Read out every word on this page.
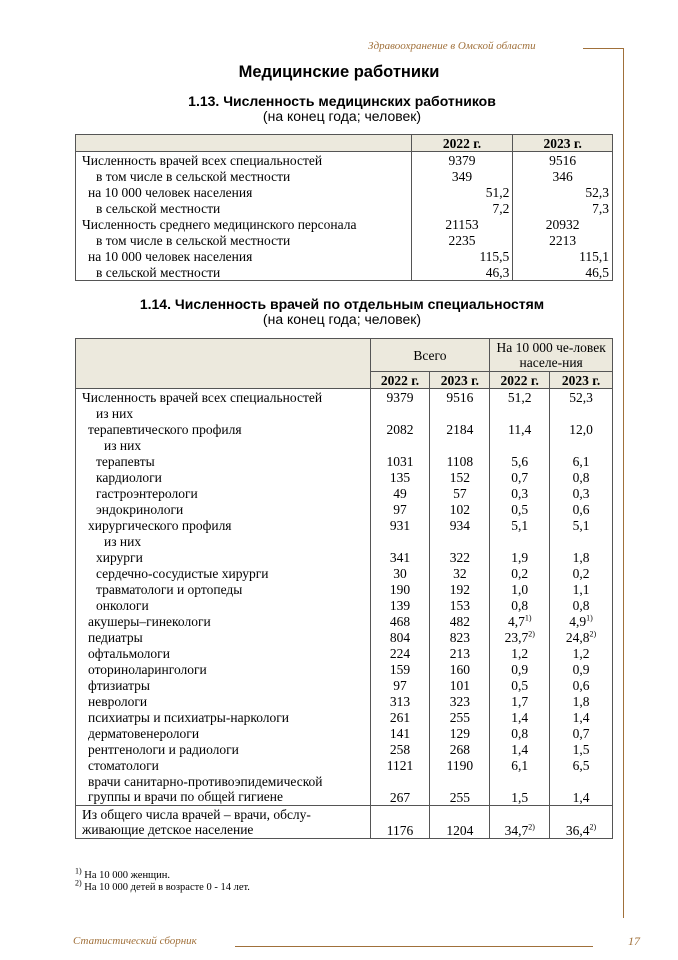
Здравоохранение в Омской области
Медицинские работники
1.13. Численность медицинских работников
(на конец года; человек)
	2022 г.	2023 г.
Численность врачей всех специальностей	9379	9516
в том числе в сельской местности	349	346
на 10 000 человек населения	51,2	52,3
в сельской местности	7,2	7,3
Численность среднего медицинского персонала	21153	20932
в том числе в сельской местности	2235	2213
на 10 000 человек населения	115,5	115,1
в сельской местности	46,3	46,5
1.14. Численность врачей по отдельным специальностям
(на конец года; человек)
	Всего		На 10 000 че-ловек населе-ния	
	2022 г.	2023 г.	2022 г.	2023 г.
Численность врачей всех специальностей	9379	9516	51,2	52,3
из них				
терапевтического профиля	2082	2184	11,4	12,0
из них				
терапевты	1031	1108	5,6	6,1
кардиологи	135	152	0,7	0,8
гастроэнтерологи	49	57	0,3	0,3
эндокринологи	97	102	0,5	0,6
хирургического профиля	931	934	5,1	5,1
из них				
хирурги	341	322	1,9	1,8
сердечно-сосудистые хирурги	30	32	0,2	0,2
травматологи и ортопеды	190	192	1,0	1,1
онкологи	139	153	0,8	0,8
акушеры–гинекологи	468	482	4,7$^{1)}$	4,9$^{1)}$
педиатры	804	823	23,7$^{2)}$	24,8$^{2)}$
офтальмологи	224	213	1,2	1,2
оториноларингологи	159	160	0,9	0,9
фтизиатры	97	101	0,5	0,6
неврологи	313	323	1,7	1,8
психиатры и психиатры-наркологи	261	255	1,4	1,4
дерматовенерологи	141	129	0,8	0,7
рентгенологи и радиологи	258	268	1,4	1,5
стоматологи	1121	1190	6,1	6,5
врачи санитарно-противоэпидемической
группы и врачи по общей гигиене	267	255	1,5	1,4
Из общего числа врачей – врачи, обслу-
живающие детское население	1176	1204	34,7$^{2)}$	36,4$^{2)}$
$^{1)}$ На 10 000 женщин.
$^{2)}$ На 10 000 детей в возрасте 0 - 14 лет.
Статистический сборник	17
